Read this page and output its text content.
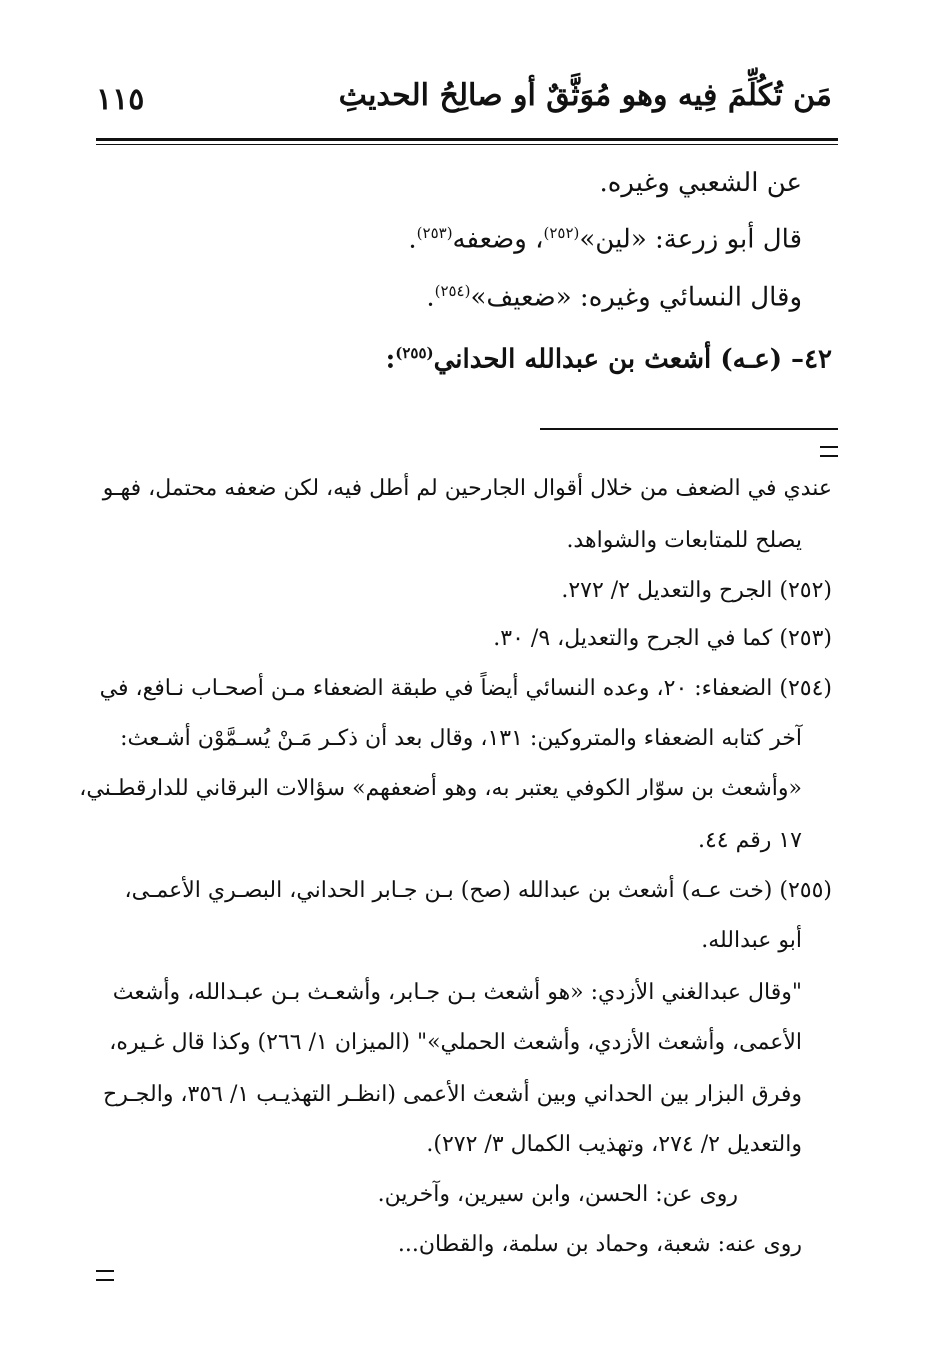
مَن تُكُلِّمَ فِيه وهو مُوَثَّقٌ أو صالِحُ الحديثِ
١١٥
عن الشعبي وغيره.
قال أبو زرعة: «لين»$^{(٢٥٢)}$، وضعفه$^{(٢٥٣)}$.
وقال النسائي وغيره: «ضعيف»$^{(٢٥٤)}$.
٤٢– (عـه) أشعث بن عبدالله الحداني$^{(٢٥٥)}$:
عندي في الضعف من خلال أقوال الجارحين لم أطل فيه، لكن ضعفه محتمل، فهـو
يصلح للمتابعات والشواهد.
(٢٥٢) الجرح والتعديل ٢/ ٢٧٢.
(٢٥٣) كما في الجرح والتعديل، ٩/ ٣٠.
(٢٥٤) الضعفاء: ٢٠، وعده النسائي أيضاً في طبقة الضعفاء مـن أصحـاب نـافع، في
آخر كتابه الضعفاء والمتروكين: ١٣١، وقال بعد أن ذكـر مَـنْ يُسـمَّوْن أشـعث:
«وأشعث بن سوّار الكوفي يعتبر به، وهو أضعفهم» سؤالات البرقاني للدارقطـني،
١٧ رقم ٤٤.
(٢٥٥) (خت عـه) أشعث بن عبدالله (صح) بـن جـابر الحداني، البصـري الأعمـى،
أبو عبدالله.
"وقال عبدالغني الأزدي: «هو أشعث بـن جـابر، وأشعـث بـن عبـدالله، وأشعث
الأعمى، وأشعث الأزدي، وأشعث الحملي»" (الميزان ١/ ٢٦٦) وكذا قال غـيره،
وفرق البزار بين الحداني وبين أشعث الأعمى (انظـر التهذيـب ١/ ٣٥٦، والجـرح
والتعديل ٢/ ٢٧٤، وتهذيب الكمال ٣/ ٢٧٢).
روى عن: الحسن، وابن سيرين، وآخرين.
روى عنه: شعبة، وحماد بن سلمة، والقطان...
